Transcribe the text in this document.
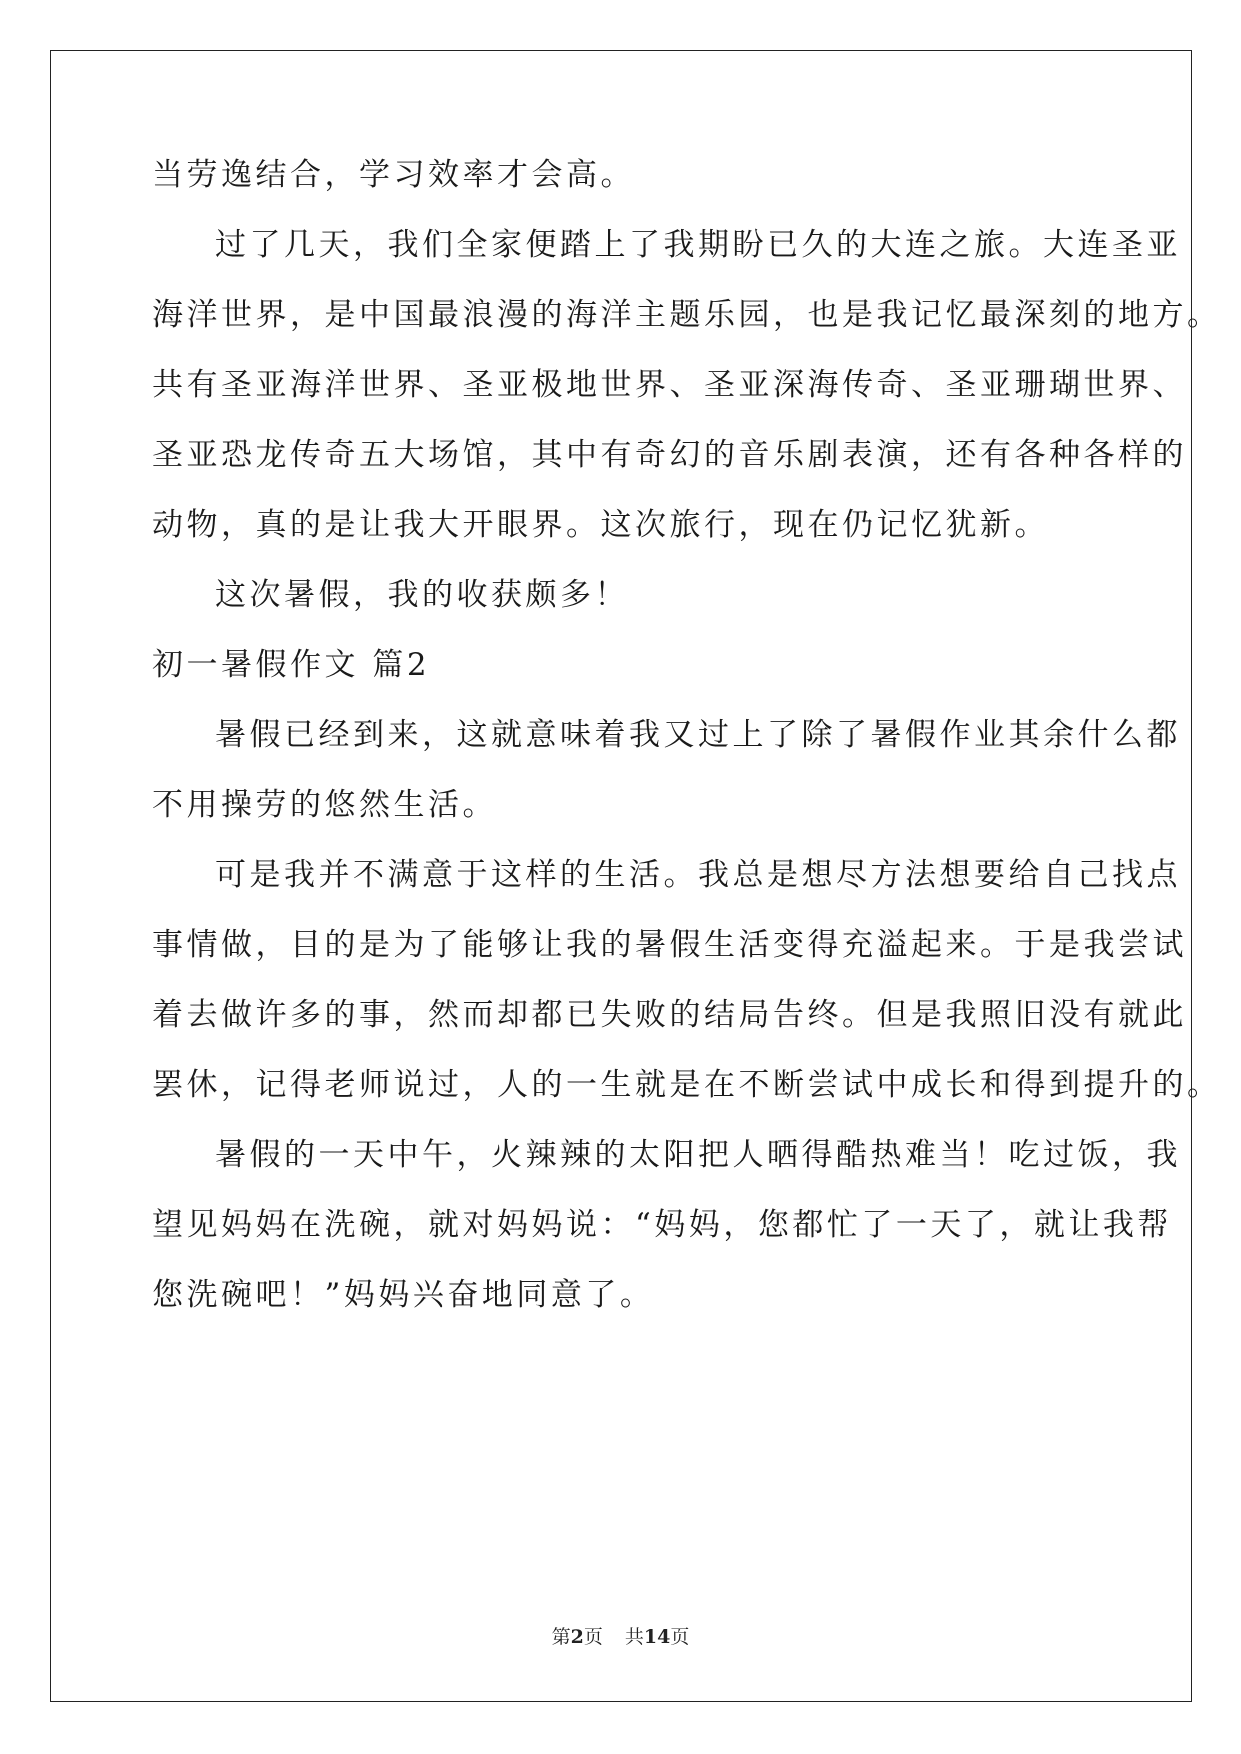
当劳逸结合，学习效率才会高。
过了几天，我们全家便踏上了我期盼已久的大连之旅。大连圣亚
海洋世界，是中国最浪漫的海洋主题乐园，也是我记忆最深刻的地方。
共有圣亚海洋世界、圣亚极地世界、圣亚深海传奇、圣亚珊瑚世界、
圣亚恐龙传奇五大场馆，其中有奇幻的音乐剧表演，还有各种各样的
动物，真的是让我大开眼界。这次旅行，现在仍记忆犹新。
这次暑假，我的收获颇多！
初一暑假作文 篇2
暑假已经到来，这就意味着我又过上了除了暑假作业其余什么都
不用操劳的悠然生活。
可是我并不满意于这样的生活。我总是想尽方法想要给自己找点
事情做，目的是为了能够让我的暑假生活变得充溢起来。于是我尝试
着去做许多的事，然而却都已失败的结局告终。但是我照旧没有就此
罢休，记得老师说过，人的一生就是在不断尝试中成长和得到提升的。
暑假的一天中午，火辣辣的太阳把人晒得酷热难当！吃过饭，我
望见妈妈在洗碗，就对妈妈说：“妈妈，您都忙了一天了，就让我帮
您洗碗吧！”妈妈兴奋地同意了。
第2页 共14页
